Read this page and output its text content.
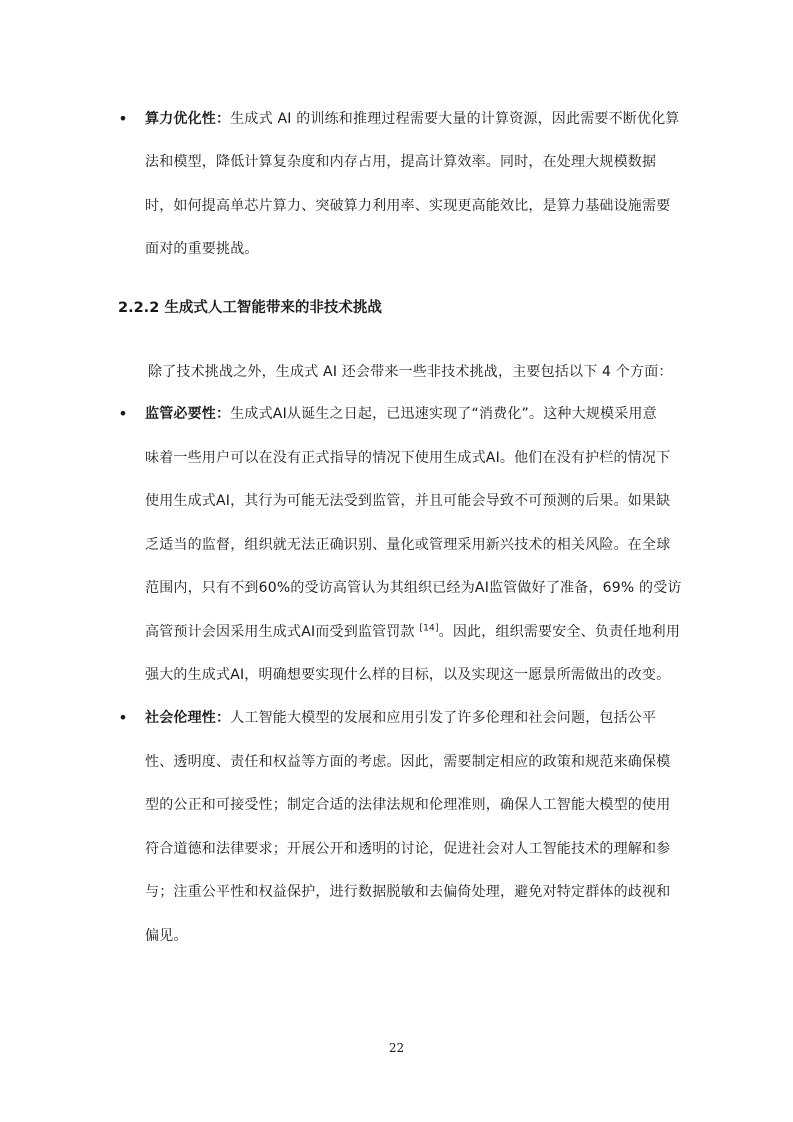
• 算力优化性：生成式 AI 的训练和推理过程需要大量的计算资源，因此需要不断优化算
法和模型，降低计算复杂度和内存占用，提高计算效率。同时，在处理大规模数据
时，如何提高单芯片算力、突破算力利用率、实现更高能效比，是算力基础设施需要
面对的重要挑战。
2.2.2 生成式人工智能带来的非技术挑战
除了技术挑战之外，生成式 AI 还会带来一些非技术挑战，主要包括以下 4 个方面：
• 监管必要性：生成式AI从诞生之日起，已迅速实现了“消费化”。这种大规模采用意
味着一些用户可以在没有正式指导的情况下使用生成式AI。他们在没有护栏的情况下
使用生成式AI，其行为可能无法受到监管，并且可能会导致不可预测的后果。如果缺
乏适当的监督，组织就无法正确识别、量化或管理采用新兴技术的相关风险。在全球
范围内，只有不到60%的受访高管认为其组织已经为AI监管做好了准备，69% 的受访
高管预计会因采用生成式AI而受到监管罚款 [14]。因此，组织需要安全、负责任地利用
强大的生成式AI，明确想要实现什么样的目标，以及实现这一愿景所需做出的改变。
• 社会伦理性：人工智能大模型的发展和应用引发了许多伦理和社会问题，包括公平
性、透明度、责任和权益等方面的考虑。因此，需要制定相应的政策和规范来确保模
型的公正和可接受性；制定合适的法律法规和伦理准则，确保人工智能大模型的使用
符合道德和法律要求；开展公开和透明的讨论，促进社会对人工智能技术的理解和参
与；注重公平性和权益保护，进行数据脱敏和去偏倚处理，避免对特定群体的歧视和
偏见。
22
